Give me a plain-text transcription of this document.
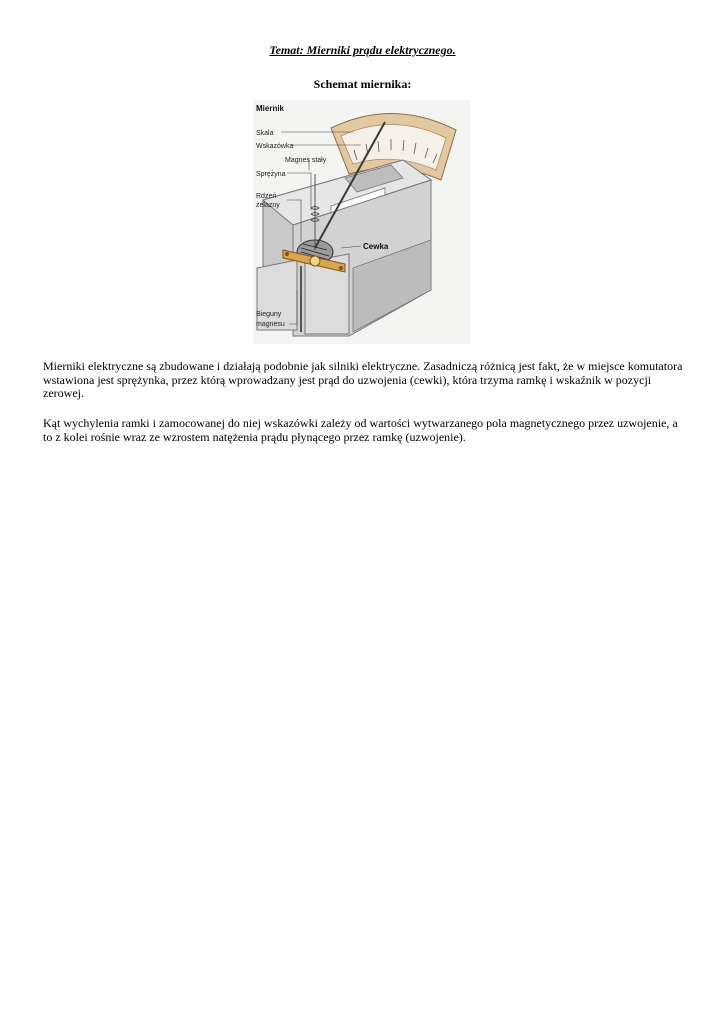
Temat: Mierniki prądu elektrycznego.
Schemat miernika:
Miernik
Skala
Wskazówka
Magnes stały
Sprężyna
Rdzeń
żelazny
Cewka
Bieguny
magnesu

Mierniki elektryczne są zbudowane i działają podobnie jak silniki elektryczne. Zasadniczą różnicą jest fakt, że w miejsce komutatora wstawiona jest sprężynka, przez którą wprowadzany jest prąd do uzwojenia (cewki), która trzyma ramkę i wskaźnik w pozycji zerowej.

Kąt wychylenia ramki i zamocowanej do niej wskazówki zależy od wartości wytwarzanego pola magnetycznego przez uzwojenie, a to z kolei rośnie wraz ze wzrostem natężenia prądu płynącego przez ramkę (uzwojenie).
